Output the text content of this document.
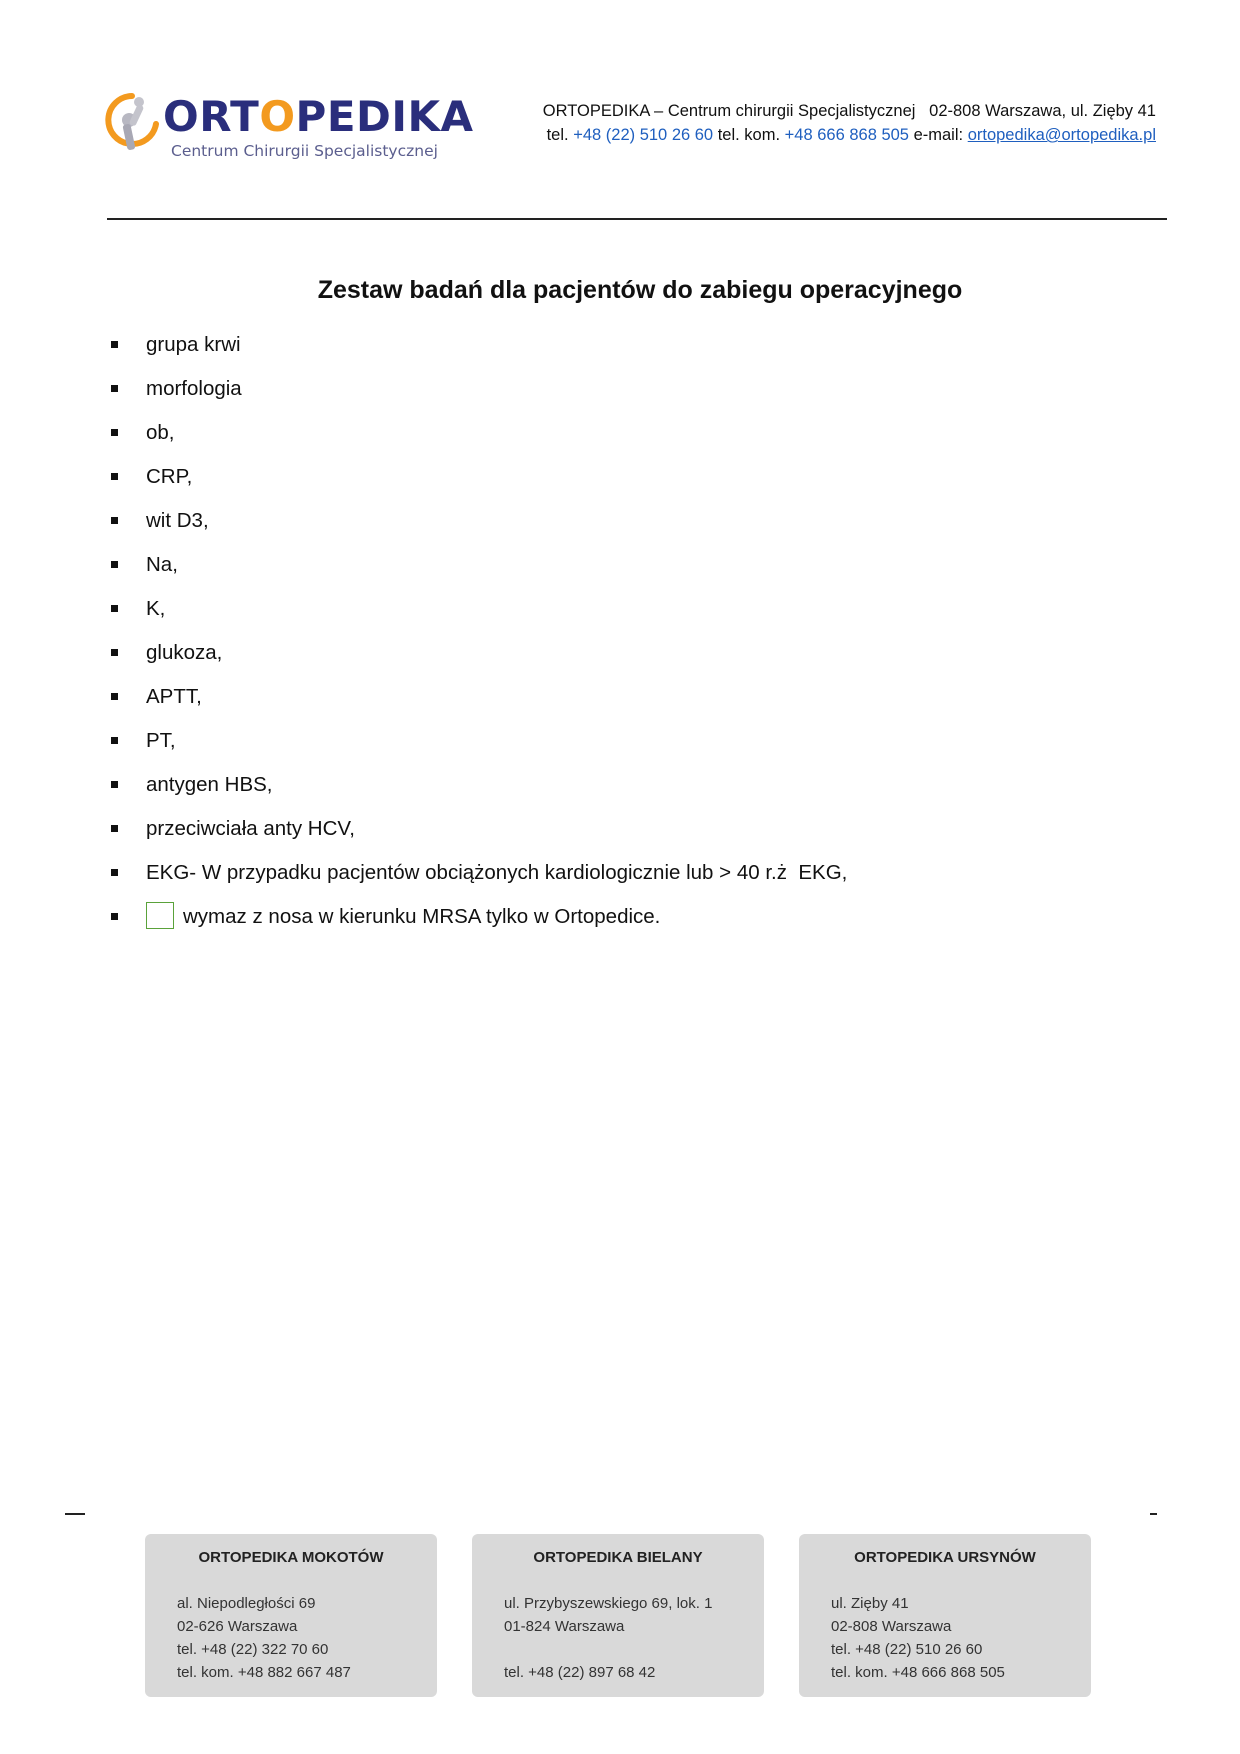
ORTOPEDIKA
Centrum Chirurgii Specjalistycznej
ORTOPEDIKA – Centrum chirurgii Specjalistycznej   02-808 Warszawa, ul. Zięby 41
tel. +48 (22) 510 26 60 tel. kom. +48 666 868 505 e-mail: ortopedika@ortopedika.pl
Zestaw badań dla pacjentów do zabiegu operacyjnego
grupa krwi
morfologia
ob,
CRP,
wit D3,
Na,
K,
glukoza,
APTT,
PT,
antygen HBS,
przeciwciała anty HCV,
EKG- W przypadku pacjentów obciążonych kardiologicznie lub > 40 r.ż  EKG,
wymaz z nosa w kierunku MRSA tylko w Ortopedice.
ORTOPEDIKA MOKOTÓW
al. Niepodległości 69
02-626 Warszawa
tel. +48 (22) 322 70 60
tel. kom. +48 882 667 487
ORTOPEDIKA BIELANY
ul. Przybyszewskiego 69, lok. 1
01-824 Warszawa
tel. +48 (22) 897 68 42
ORTOPEDIKA URSYNÓW
ul. Zięby 41
02-808 Warszawa
tel. +48 (22) 510 26 60
tel. kom. +48 666 868 505
